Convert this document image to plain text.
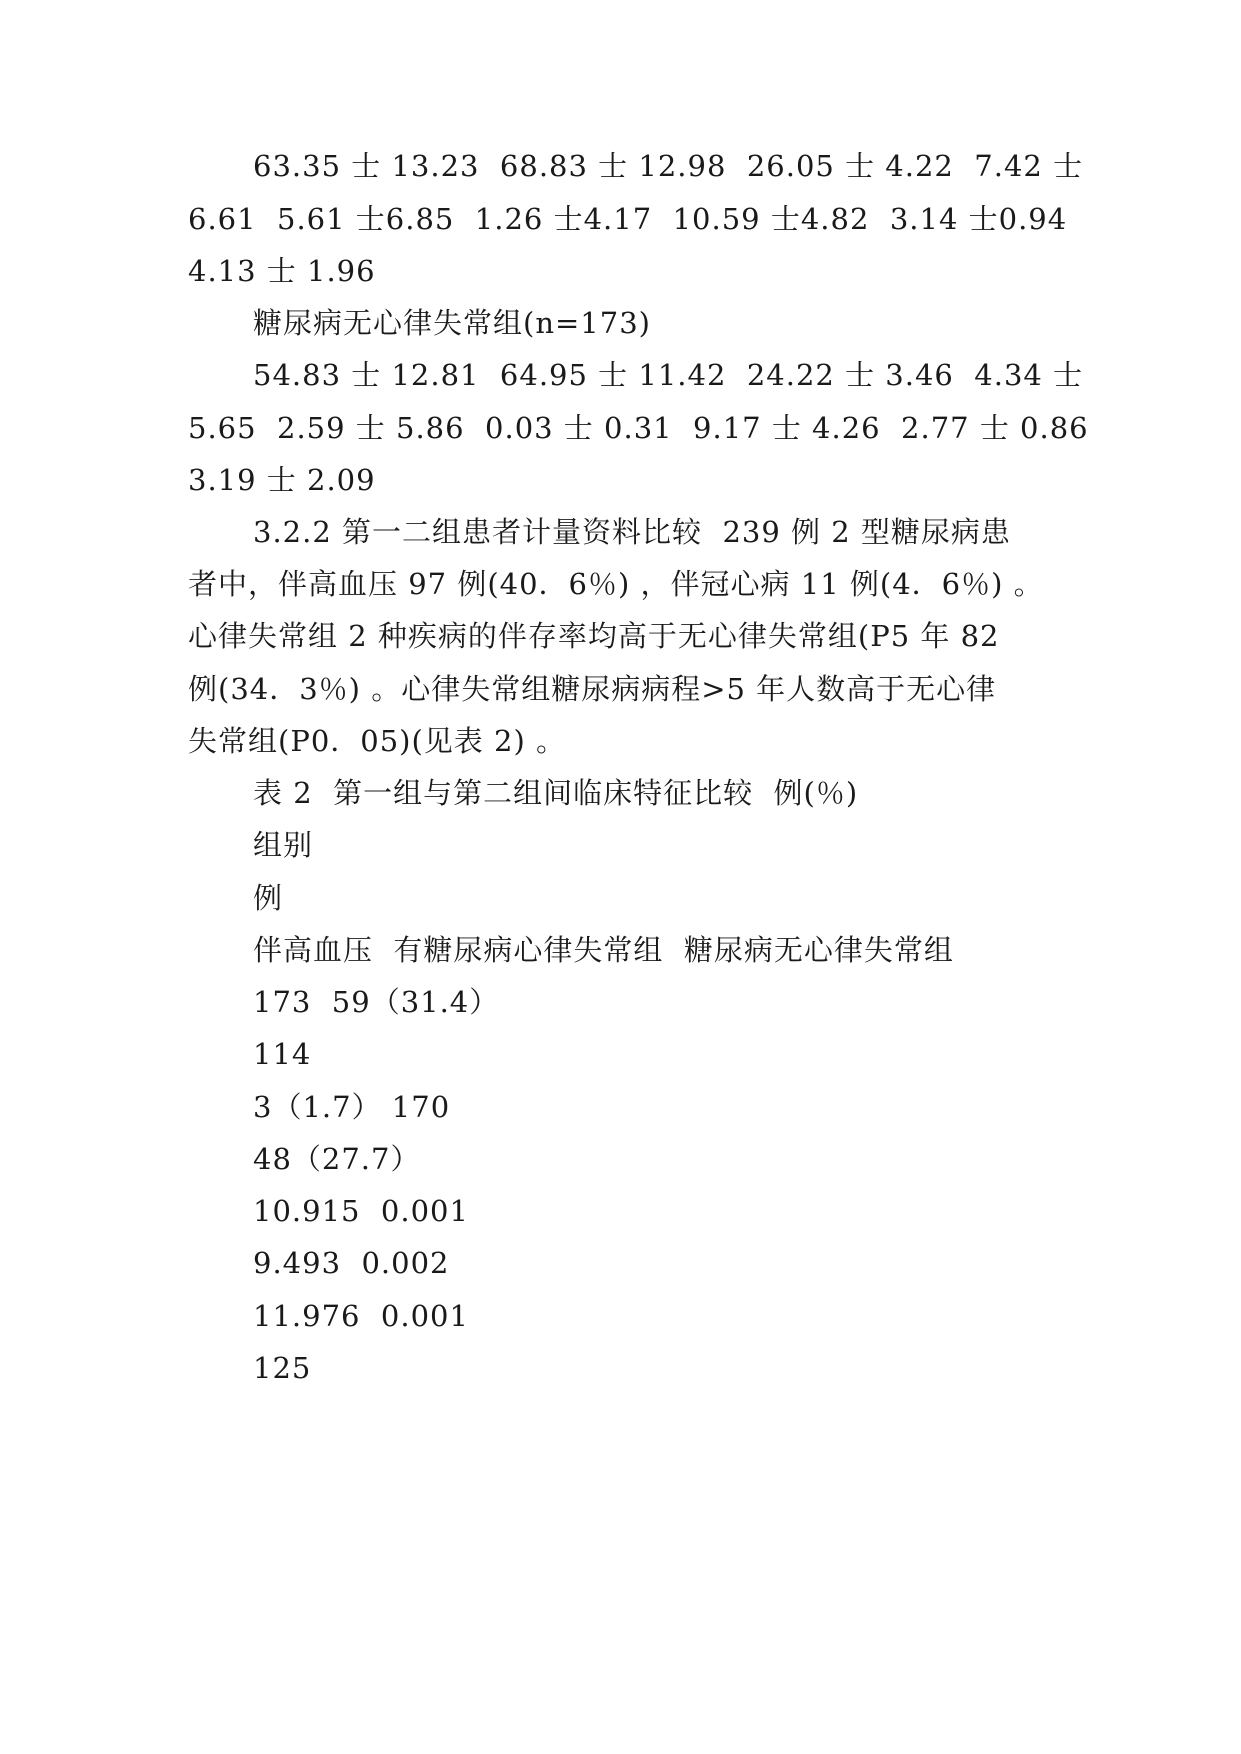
63.35 士 13.23  68.83 士 12.98  26.05 士 4.22  7.42 士
6.61  5.61 士6.85  1.26 士4.17  10.59 士4.82  3.14 士0.94
4.13 士 1.96
糖尿病无心律失常组(n=173)
54.83 士 12.81  64.95 士 11.42  24.22 士 3.46  4.34 士
5.65  2.59 士 5.86  0.03 士 0.31  9.17 士 4.26  2.77 士 0.86
3.19 士 2.09
3.2.2 第一二组患者计量资料比较  239 例 2 型糖尿病患
者中，伴高血压 97 例(40．6％) ，伴冠心病 11 例(4．6％) 。
心律失常组 2 种疾病的伴存率均高于无心律失常组(P5 年 82
例(34．3％) 。心律失常组糖尿病病程>5 年人数高于无心律
失常组(P0．05)(见表 2) 。
表 2  第一组与第二组间临床特征比较  例(％)
组别
例
伴高血压  有糖尿病心律失常组  糖尿病无心律失常组
173  59（31.4）
114
3（1.7） 170
48（27.7）
10.915  0.001
9.493  0.002
11.976  0.001
125
